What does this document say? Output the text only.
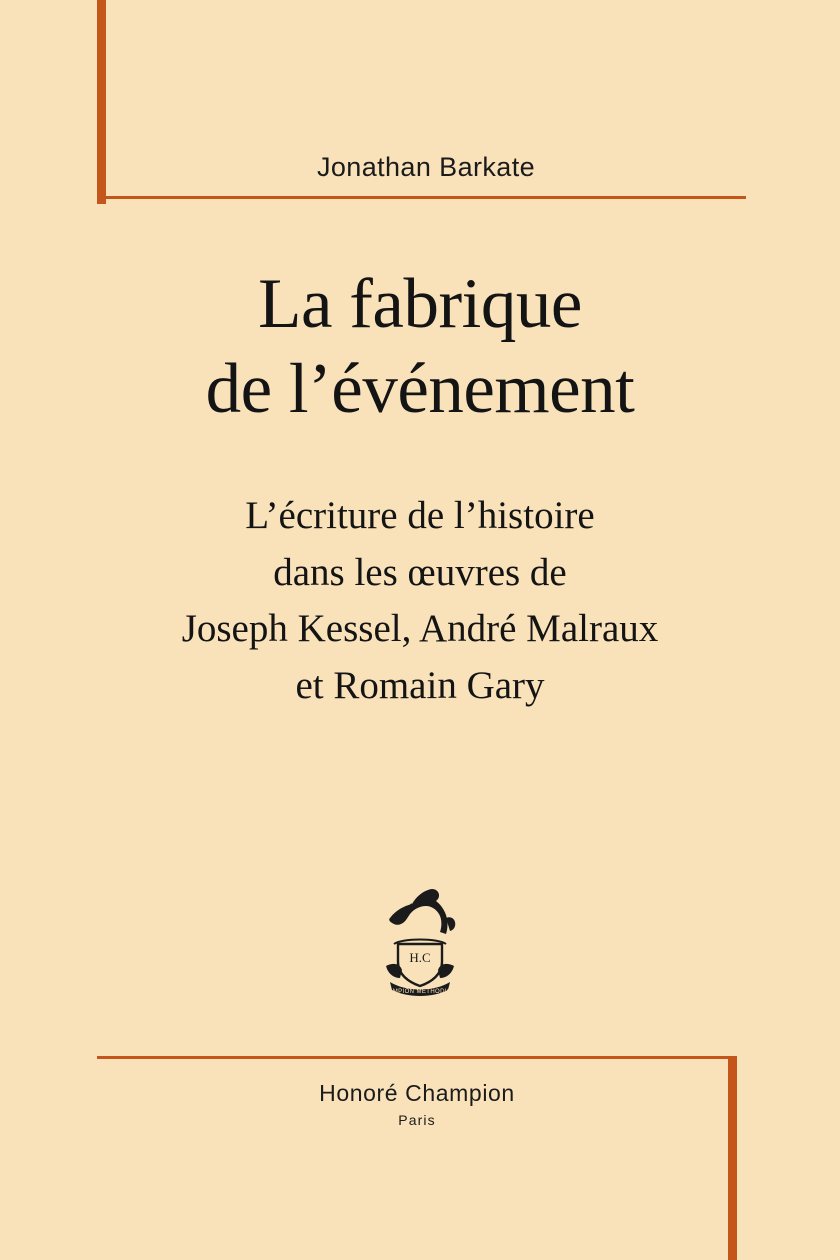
Jonathan Barkate

La fabrique

de l’événement

L’écriture de l’histoire

dans les œuvres de

Joseph Kessel, André Malraux

et Romain Gary

H.C
CHAMPION METHODIQUE
Honoré Champion
Paris
